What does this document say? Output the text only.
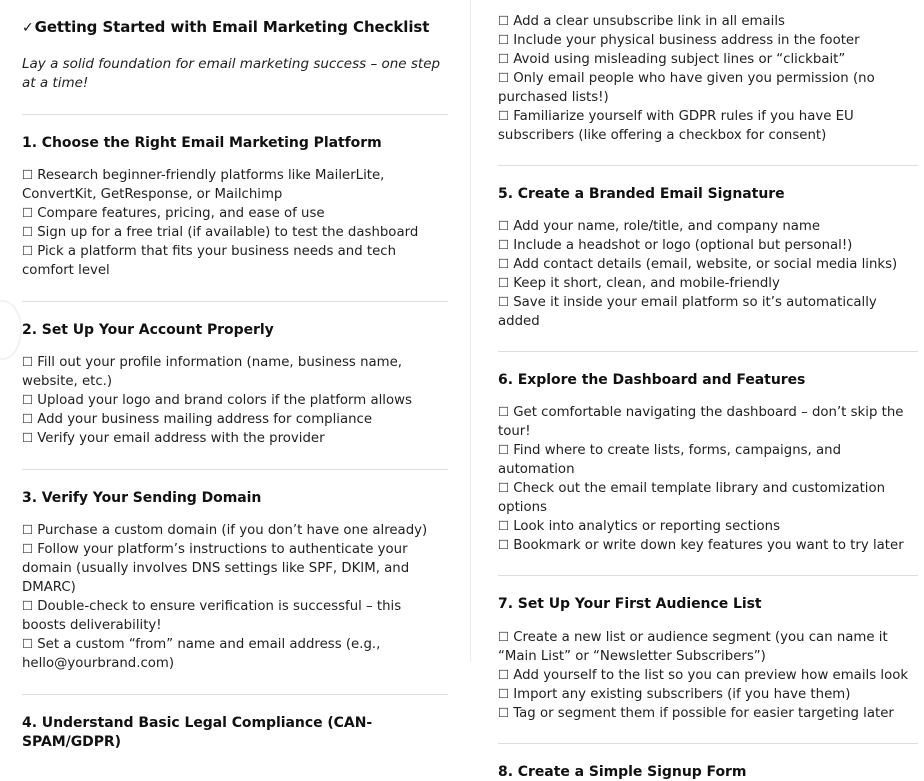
✓Getting Started with Email Marketing Checklist

Lay a solid foundation for email marketing success – one step at a time!

1. Choose the Right Email Marketing Platform
☐ Research beginner-friendly platforms like MailerLite, ConvertKit, GetResponse, or Mailchimp
☐ Compare features, pricing, and ease of use
☐ Sign up for a free trial (if available) to test the dashboard
☐ Pick a platform that fits your business needs and tech comfort level
2. Set Up Your Account Properly
☐ Fill out your profile information (name, business name, website, etc.)
☐ Upload your logo and brand colors if the platform allows
☐ Add your business mailing address for compliance
☐ Verify your email address with the provider
3. Verify Your Sending Domain
☐ Purchase a custom domain (if you don’t have one already)
☐ Follow your platform’s instructions to authenticate your domain (usually involves DNS settings like SPF, DKIM, and DMARC)
☐ Double-check to ensure verification is successful – this boosts deliverability!
☐ Set a custom “from” name and email address (e.g., hello@yourbrand.com)
4. Understand Basic Legal Compliance (CAN-SPAM/GDPR)
☐ Add a clear unsubscribe link in all emails
☐ Include your physical business address in the footer
☐ Avoid using misleading subject lines or “clickbait”
☐ Only email people who have given you permission (no purchased lists!)
☐ Familiarize yourself with GDPR rules if you have EU subscribers (like offering a checkbox for consent)
5. Create a Branded Email Signature
☐ Add your name, role/title, and company name
☐ Include a headshot or logo (optional but personal!)
☐ Add contact details (email, website, or social media links)
☐ Keep it short, clean, and mobile-friendly
☐ Save it inside your email platform so it’s automatically added
6. Explore the Dashboard and Features
☐ Get comfortable navigating the dashboard – don’t skip the tour!
☐ Find where to create lists, forms, campaigns, and automation
☐ Check out the email template library and customization options
☐ Look into analytics or reporting sections
☐ Bookmark or write down key features you want to try later
7. Set Up Your First Audience List
☐ Create a new list or audience segment (you can name it “Main List” or “Newsletter Subscribers”)
☐ Add yourself to the list so you can preview how emails look
☐ Import any existing subscribers (if you have them)
☐ Tag or segment them if possible for easier targeting later
8. Create a Simple Signup Form
